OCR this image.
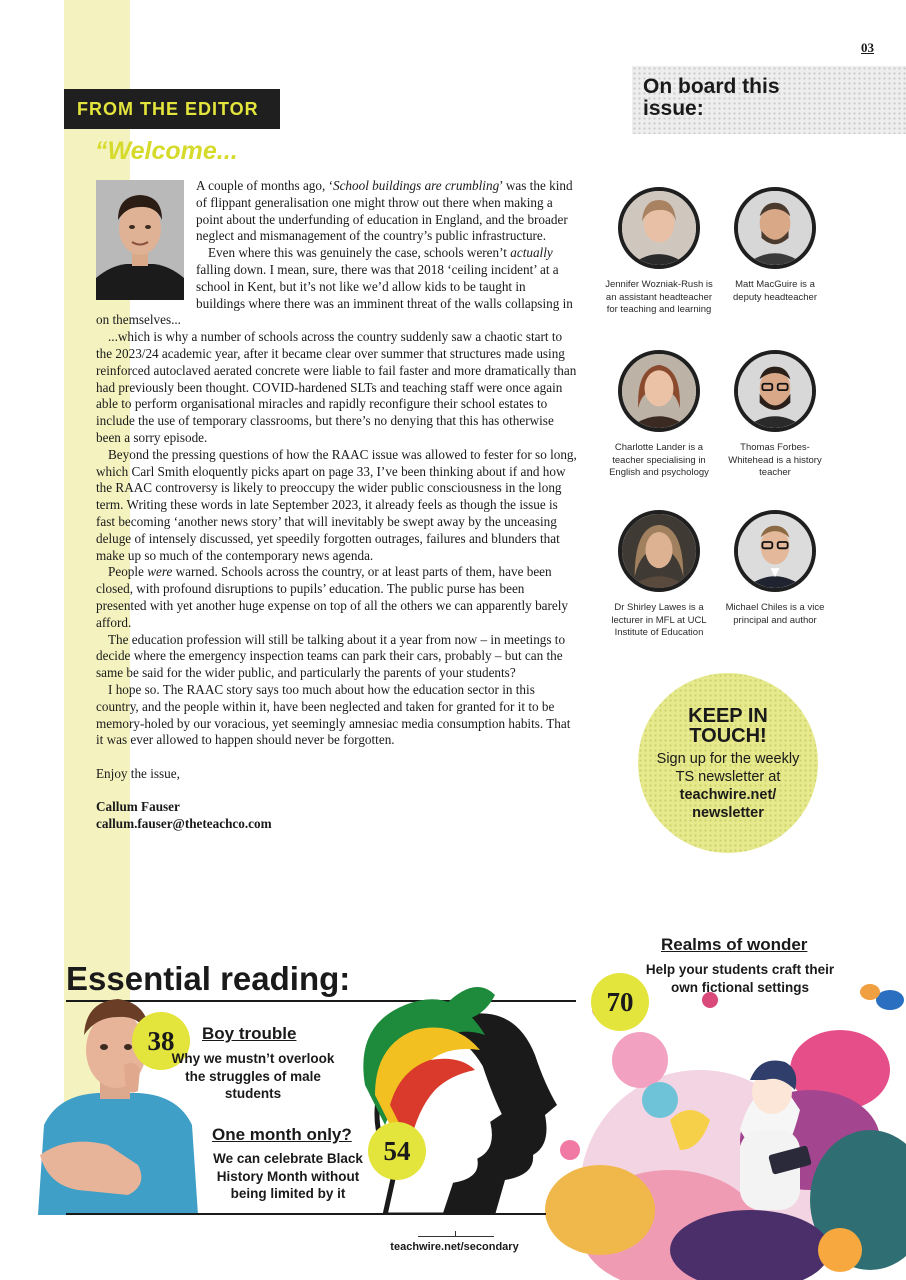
03
FROM THE EDITOR
“Welcome...

A couple of months ago, ‘School buildings are crumbling’ was the kind of flippant generalisation one might throw out there when making a point about the underfunding of education in England, and the broader neglect and mismanagement of the country’s public infrastructure.

Even where this was genuinely the case, schools weren’t actually falling down. I mean, sure, there was that 2018 ‘ceiling incident’ at a school in Kent, but it’s not like we’d allow kids to be taught in buildings where there was an imminent threat of the walls collapsing in on themselves...

...which is why a number of schools across the country suddenly saw a chaotic start to the 2023/24 academic year, after it became clear over summer that structures made using reinforced autoclaved aerated concrete were liable to fail faster and more dramatically than had previously been thought. COVID-hardened SLTs and teaching staff were once again able to perform organisational miracles and rapidly reconfigure their school estates to include the use of temporary classrooms, but there’s no denying that this has otherwise been a sorry episode.

Beyond the pressing questions of how the RAAC issue was allowed to fester for so long, which Carl Smith eloquently picks apart on page 33, I’ve been thinking about if and how the RAAC controversy is likely to preoccupy the wider public consciousness in the long term. Writing these words in late September 2023, it already feels as though the issue is fast becoming ‘another news story’ that will inevitably be swept away by the unceasing deluge of intensely discussed, yet speedily forgotten outrages, failures and blunders that make up so much of the contemporary news agenda.

People were warned. Schools across the country, or at least parts of them, have been closed, with profound disruptions to pupils’ education. The public purse has been presented with yet another huge expense on top of all the others we can apparently barely afford.

The education profession will still be talking about it a year from now – in meetings to decide where the emergency inspection teams can park their cars, probably – but can the same be said for the wider public, and particularly the parents of your students?

I hope so. The RAAC story says too much about how the education sector in this country, and the people within it, have been neglected and taken for granted for it to be memory-holed by our voracious, yet seemingly amnesiac media consumption habits. That it was ever allowed to happen should never be forgotten.

Enjoy the issue,

Callum Fauser

callum.fauser@theteachco.com

On board this issue:
Jennifer Wozniak-Rush is an assistant headteacher for teaching and learning
Matt MacGuire is a deputy headteacher
Charlotte Lander is a teacher specialising in English and psychology
Thomas Forbes-Whitehead is a history teacher
Dr Shirley Lawes is a lecturer in MFL at UCL Institute of Education
Michael Chiles is a vice principal and author
KEEP IN
TOUCH!
Sign up for the weekly TS newsletter at teachwire.net/ newsletter
Essential reading:
Realms of wonder
Help your students craft their own fictional settings
70
38	Boy trouble
Why we mustn’t overlook the struggles of male students
One month only?
We can celebrate Black History Month without being limited by it
54
teachwire.net/secondary
